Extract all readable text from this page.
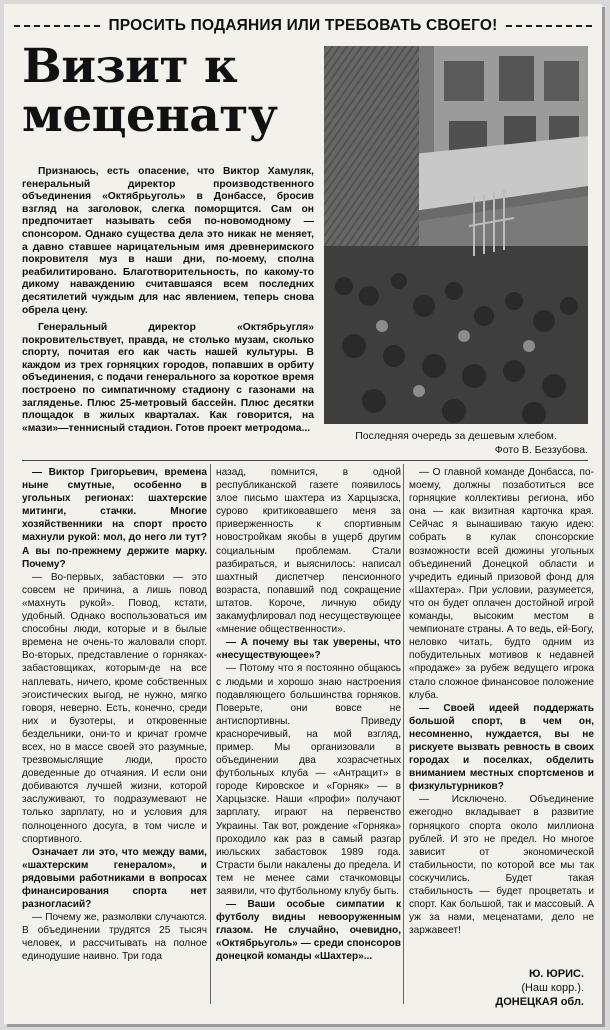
ПРОСИТЬ ПОДАЯНИЯ ИЛИ ТРЕБОВАТЬ СВОЕГО!
Визит к меценату
Последняя очередь за дешевым хлебом.
Фото В. Беззубова.

Признаюсь, есть опасение, что Виктор Хамуляк, генеральный директор производственного объединения «Октябрьуголь» в Донбассе, бросив взгляд на заголовок, слегка поморщится. Сам он предпочитает называть себя по-новомодному — спонсором. Однако существа дела это никак не меняет, а давно ставшее нарицательным имя древнеримского покровителя муз в наши дни, по-моему, сполна реабилитировано. Благотворительность, по какому-то дикому наваждению считавшаяся всем последних десятилетий чуждым для нас явлением, теперь снова обрела цену.

Генеральный директор «Октябрьугля» покровительствует, правда, не столько музам, сколько спорту, почитая его как часть нашей культуры. В каждом из трех горняцких городов, попавших в орбиту объединения, с подачи генерального за короткое время построено по симпатичному стадиону с газонами на загляденье. Плюс 25-метровый бассейн. Плюс десятки площадок в жилых кварталах. Как говорится, на «мази»—теннисный стадион. Готов проект метродома...

— Виктор Григорьевич, времена ныне смутные, особенно в угольных регионах: шахтерские митинги, стачки. Многие хозяйственники на спорт просто махнули рукой: мол, до него ли тут? А вы по-прежнему держите марку. Почему?

— Во-первых, забастовки — это совсем не причина, а лишь повод «махнуть рукой». Повод, кстати, удобный. Однако воспользоваться им способны люди, которые и в былые времена не очень-то жаловали спорт. Во-вторых, представление о горняках-забастовщиках, которым-де на все наплевать, ничего, кроме собственных эгоистических выгод, не нужно, мягко говоря, неверно. Есть, конечно, среди них и бузотеры, и откровенные бездельники, они-то и кричат громче всех, но в массе своей это разумные, трезвомыслящие люди, просто доведенные до отчаяния. И если они добиваются лучшей жизни, которой заслуживают, то подразумевают не только зарплату, но и условия для полноценного досуга, в том числе и спортивного.

Означает ли это, что между вами, «шахтерским генералом», и рядовыми работниками в вопросах финансирования спорта нет разногласий?

— Почему же, размолвки случаются. В объединении трудятся 25 тысяч человек, и рассчитывать на полное единодушие наивно. Три года

назад, помнится, в одной республиканской газете появилось злое письмо шахтера из Харцызска, сурово критиковавшего меня за приверженность к спортивным новостройкам якобы в ущерб другим социальным проблемам. Стали разбираться, и выяснилось: написал шахтный диспетчер пенсионного возраста, попавший под сокращение штатов. Короче, личную обиду закамуфлировал под несуществующее «мнение общественности».

— А почему вы так уверены, что «несуществующее»?

— Потому что я постоянно общаюсь с людьми и хорошо знаю настроения подавляющего большинства горняков. Поверьте, они вовсе не антиспортивны. Приведу красноречивый, на мой взгляд, пример. Мы организовали в объединении два хозрасчетных футбольных клуба — «Антрацит» в городе Кировское и «Горняк» — в Харцызске. Наши «профи» получают зарплату, играют на первенство Украины. Так вот, рождение «Горняка» проходило как раз в самый разгар июльских забастовок 1989 года. Страсти были накалены до предела. И тем не менее сами стачкомовцы заявили, что футбольному клубу быть.

— Ваши особые симпатии к футболу видны невооруженным глазом. Не случайно, очевидно, «Октябрьуголь» — среди спонсоров донецкой команды «Шахтер»...

— О главной команде Донбасса, по-моему, должны позаботиться все горняцкие коллективы региона, ибо она — как визитная карточка края. Сейчас я вынашиваю такую идею: собрать в кулак спонсорские возможности всей дюжины угольных объединений Донецкой области и учредить единый призовой фонд для «Шахтера». При условии, разумеется, что он будет оплачен достойной игрой команды, высоким местом в чемпионате страны. А то ведь, ей-Богу, неловко читать, будто одним из побудительных мотивов к недавней «продаже» за рубеж ведущего игрока стало сложное финансовое положение клуба.

— Своей идеей поддержать большой спорт, в чем он, несомненно, нуждается, вы не рискуете вызвать ревность в своих городах и поселках, обделить вниманием местных спортсменов и физкультурников?

— Исключено. Объединение ежегодно вкладывает в развитие горняцкого спорта около миллиона рублей. И это не предел. Но многое зависит от экономической стабильности, по которой все мы так соскучились. Будет такая стабильность — будет процветать и спорт. Как большой, так и массовый. А уж за нами, меценатами, дело не заржавеет!

Ю. ЮРИС.
(Наш корр.).
ДОНЕЦКАЯ обл.
